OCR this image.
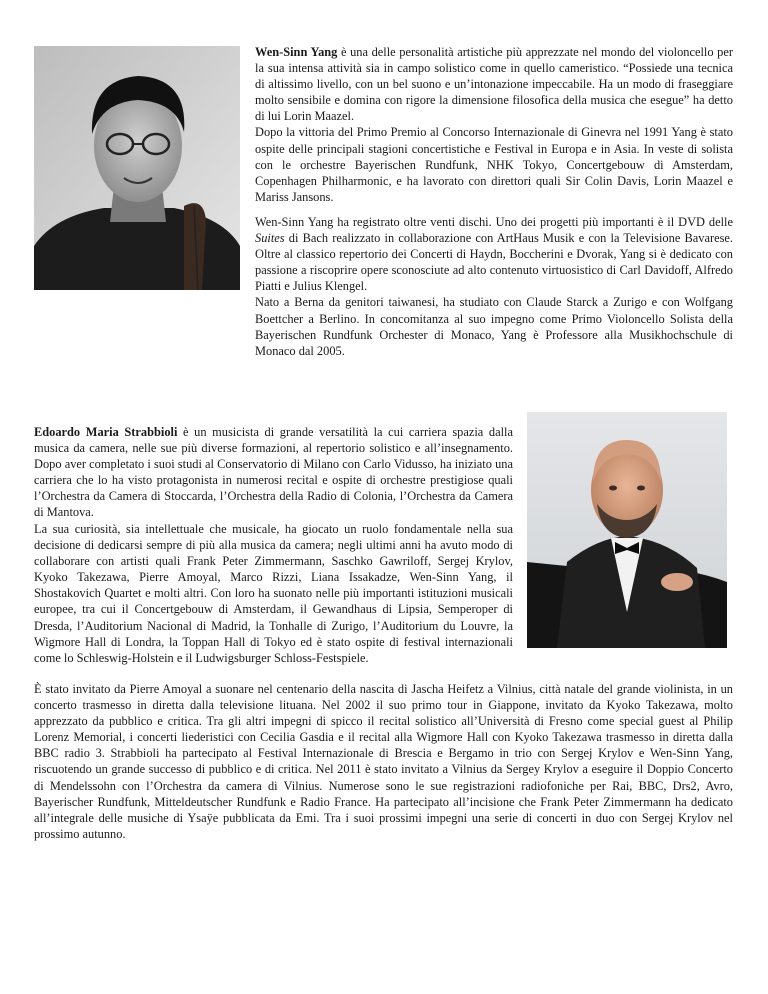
Wen-Sinn Yang è una delle personalità artistiche più apprezzate nel mondo del violoncello per la sua intensa attività sia in campo solistico come in quello cameristico. “Possiede una tecnica di altissimo livello, con un bel suono e un’intonazione impeccabile. Ha un modo di fraseggiare molto sensibile e domina con rigore la dimensione filosofica della musica che esegue” ha detto di lui Lorin Maazel.

Dopo la vittoria del Primo Premio al Concorso Internazionale di Ginevra nel 1991 Yang è stato ospite delle principali stagioni concertistiche e Festival in Europa e in Asia. In veste di solista con le orchestre Bayerischen Rundfunk, NHK Tokyo, Concertgebouw di Amsterdam, Copenhagen Philharmonic, e ha lavorato con direttori quali Sir Colin Davis, Lorin Maazel e Mariss Jansons.

Wen-Sinn Yang ha registrato oltre venti dischi. Uno dei progetti più importanti è il DVD delle Suites di Bach realizzato in collaborazione con ArtHaus Musik e con la Televisione Bavarese. Oltre al classico repertorio dei Concerti di Haydn, Boccherini e Dvorak, Yang si è dedicato con passione a riscoprire opere sconosciute ad alto contenuto virtuosistico di Carl Davidoff, Alfredo Piatti e Julius Klengel.

Nato a Berna da genitori taiwanesi, ha studiato con Claude Starck a Zurigo e con Wolfgang Boettcher a Berlino. In concomitanza al suo impegno come Primo Violoncello Solista della Bayerischen Rundfunk Orchester di Monaco, Yang è Professore alla Musikhochschule di Monaco dal 2005.

Edoardo Maria Strabbioli è un musicista di grande versatilità la cui carriera spazia dalla musica da camera, nelle sue più diverse formazioni, al repertorio solistico e all’insegnamento. Dopo aver completato i suoi studi al Conservatorio di Milano con Carlo Vidusso, ha iniziato una carriera che lo ha visto protagonista in numerosi recital e ospite di orchestre prestigiose quali l’Orchestra da Camera di Stoccarda, l’Orchestra della Radio di Colonia, l’Orchestra da Camera di Mantova.

La sua curiosità, sia intellettuale che musicale, ha giocato un ruolo fondamentale nella sua decisione di dedicarsi sempre di più alla musica da camera; negli ultimi anni ha avuto modo di collaborare con artisti quali Frank Peter Zimmermann, Saschko Gawriloff, Sergej Krylov, Kyoko Takezawa, Pierre Amoyal, Marco Rizzi, Liana Issakadze, Wen-Sinn Yang, il Shostakovich Quartet e molti altri. Con loro ha suonato nelle più importanti istituzioni musicali europee, tra cui il Concertgebouw di Amsterdam, il Gewandhaus di Lipsia, Semperoper di Dresda, l’Auditorium Nacional di Madrid, la Tonhalle di Zurigo, l’Auditorium du Louvre, la Wigmore Hall di Londra, la Toppan Hall di Tokyo ed è stato ospite di festival internazionali come lo Schleswig-Holstein e il Ludwigsburger Schloss-Festspiele.

È stato invitato da Pierre Amoyal a suonare nel centenario della nascita di Jascha Heifetz a Vilnius, città natale del grande violinista, in un concerto trasmesso in diretta dalla televisione lituana. Nel 2002 il suo primo tour in Giappone, invitato da Kyoko Takezawa, molto apprezzato da pubblico e critica. Tra gli altri impegni di spicco il recital solistico all’Università di Fresno come special guest al Philip Lorenz Memorial, i concerti liederistici con Cecilia Gasdia e il recital alla Wigmore Hall con Kyoko Takezawa trasmesso in diretta dalla BBC radio 3. Strabbioli ha partecipato al Festival Internazionale di Brescia e Bergamo in trio con Sergej Krylov e Wen-Sinn Yang, riscuotendo un grande successo di pubblico e di critica. Nel 2011 è stato invitato a Vilnius da Sergey Krylov a eseguire il Doppio Concerto di Mendelssohn con l’Orchestra da camera di Vilnius. Numerose sono le sue registrazioni radiofoniche per Rai, BBC, Drs2, Avro, Bayerischer Rundfunk, Mitteldeutscher Rundfunk e Radio France. Ha partecipato all’incisione che Frank Peter Zimmermann ha dedicato all’integrale delle musiche di Ysaÿe pubblicata da Emi. Tra i suoi prossimi impegni una serie di concerti in duo con Sergej Krylov nel prossimo autunno.
